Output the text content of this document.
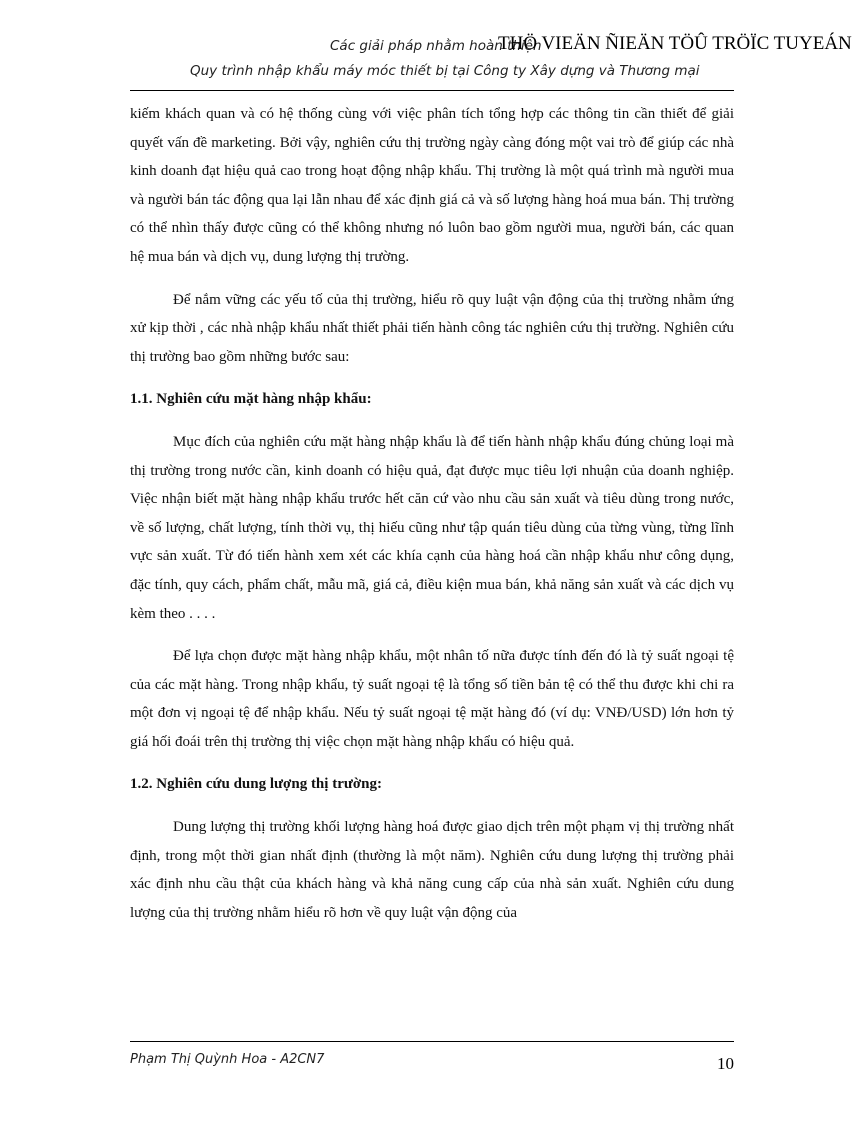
Các giải pháp nhằm hoàn thiện
THÖ VIEÄN ÑIEÄN TÖÛ TRÖÏC TUYEÁN
Quy trình nhập khẩu máy móc thiết bị tại Công ty Xây dựng và Thương mại

kiếm khách quan và có hệ thống cùng với việc phân tích tổng hợp các thông tin cần thiết để giải quyết vấn đề marketing. Bởi vậy, nghiên cứu thị trường ngày càng đóng một vai trò để giúp các nhà kinh doanh đạt hiệu quả cao trong hoạt động nhập khẩu. Thị trường là một quá trình mà người mua và người bán tác động qua lại lẫn nhau để xác định giá cả và số lượng hàng hoá mua bán. Thị trường có thể nhìn thấy được cũng có thể không nhưng nó luôn bao gồm người mua, người bán, các quan hệ mua bán và dịch vụ, dung lượng thị trường.

Để nắm vững các yếu tố của thị trường, hiểu rõ quy luật vận động của thị trường nhằm ứng xử kịp thời , các nhà nhập khẩu nhất thiết phải tiến hành công tác nghiên cứu thị trường. Nghiên cứu thị trường bao gồm những bước sau:

1.1. Nghiên cứu mặt hàng nhập khẩu:

Mục đích của nghiên cứu mặt hàng nhập khẩu là để tiến hành nhập khẩu đúng chủng loại mà thị trường trong nước cần, kinh doanh có hiệu quả, đạt được mục tiêu lợi nhuận của doanh nghiệp. Việc nhận biết mặt hàng nhập khẩu trước hết căn cứ vào nhu cầu sản xuất và tiêu dùng trong nước, về số lượng, chất lượng, tính thời vụ, thị hiếu cũng như tập quán tiêu dùng của từng vùng, từng lĩnh vực sản xuất. Từ đó tiến hành xem xét các khía cạnh của hàng hoá cần nhập khẩu như công dụng, đặc tính, quy cách, phẩm chất, mẫu mã, giá cả, điều kiện mua bán, khả năng sản xuất và các dịch vụ kèm theo . . . .

Để lựa chọn được mặt hàng nhập khẩu, một nhân tố nữa được tính đến đó là tỷ suất ngoại tệ của các mặt hàng. Trong nhập khẩu, tỷ suất ngoại tệ là tổng số tiền bản tệ có thể thu được khi chi ra một đơn vị ngoại tệ để nhập khẩu. Nếu tỷ suất ngoại tệ mặt hàng đó (ví dụ: VNĐ/USD) lớn hơn tỷ giá hối đoái trên thị trường thị việc chọn mặt hàng nhập khẩu có hiệu quả.

1.2. Nghiên cứu dung lượng thị trường:

Dung lượng thị trường khối lượng hàng hoá được giao dịch trên một phạm vị thị trường nhất định, trong một thời gian nhất định (thường là một năm). Nghiên cứu dung lượng thị trường phải xác định nhu cầu thật của khách hàng và khả năng cung cấp của nhà sản xuất. Nghiên cứu dung lượng của thị trường nhằm hiểu rõ hơn về quy luật vận động của

Phạm Thị Quỳnh Hoa - A2CN7	10
